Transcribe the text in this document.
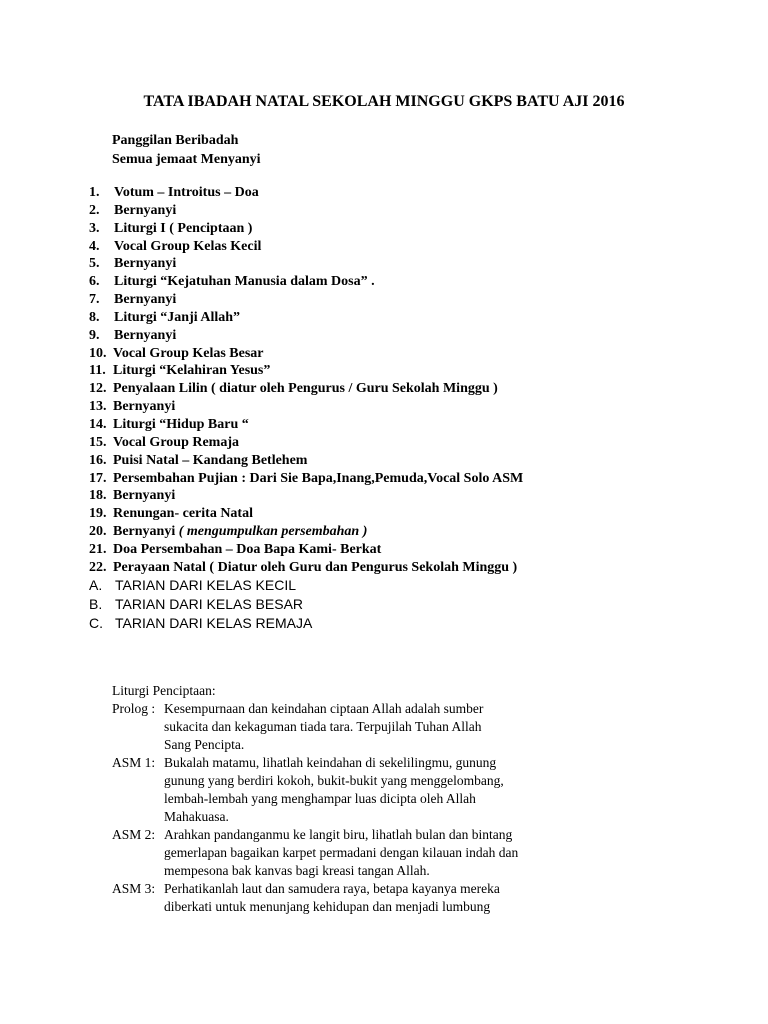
TATA IBADAH NATAL SEKOLAH MINGGU GKPS BATU AJI 2016
Panggilan Beribadah
Semua jemaat Menyanyi
1. Votum – Introitus – Doa
2. Bernyanyi
3. Liturgi I ( Penciptaan )
4. Vocal Group Kelas Kecil
5. Bernyanyi
6. Liturgi “Kejatuhan Manusia dalam Dosa” .
7. Bernyanyi
8. Liturgi “Janji Allah”
9. Bernyanyi
10. Vocal Group Kelas Besar
11. Liturgi “Kelahiran Yesus”
12. Penyalaan Lilin ( diatur oleh Pengurus / Guru Sekolah Minggu )
13. Bernyanyi
14. Liturgi “Hidup Baru “
15. Vocal Group Remaja
16. Puisi Natal – Kandang Betlehem
17. Persembahan Pujian : Dari Sie Bapa,Inang,Pemuda,Vocal Solo ASM
18. Bernyanyi
19. Renungan- cerita Natal
20. Bernyanyi ( mengumpulkan persembahan )
21. Doa Persembahan – Doa Bapa Kami- Berkat
22. Perayaan Natal ( Diatur oleh Guru dan Pengurus Sekolah Minggu )
A. TARIAN DARI KELAS KECIL
B. TARIAN DARI KELAS BESAR
C. TARIAN DARI KELAS REMAJA
Liturgi Penciptaan:
Prolog : Kesempurnaan dan keindahan ciptaan Allah adalah sumber
sukacita dan kekaguman tiada tara. Terpujilah Tuhan Allah
Sang Pencipta.
ASM 1: Bukalah matamu, lihatlah keindahan di sekelilingmu, gunung
gunung yang berdiri kokoh, bukit-bukit yang menggelombang,
lembah-lembah yang menghampar luas dicipta oleh Allah
Mahakuasa.
ASM 2: Arahkan pandanganmu ke langit biru, lihatlah bulan dan bintang
gemerlapan bagaikan karpet permadani dengan kilauan indah dan
mempesona bak kanvas bagi kreasi tangan Allah.
ASM 3: Perhatikanlah laut dan samudera raya, betapa kayanya mereka
diberkati untuk menunjang kehidupan dan menjadi lumbung
